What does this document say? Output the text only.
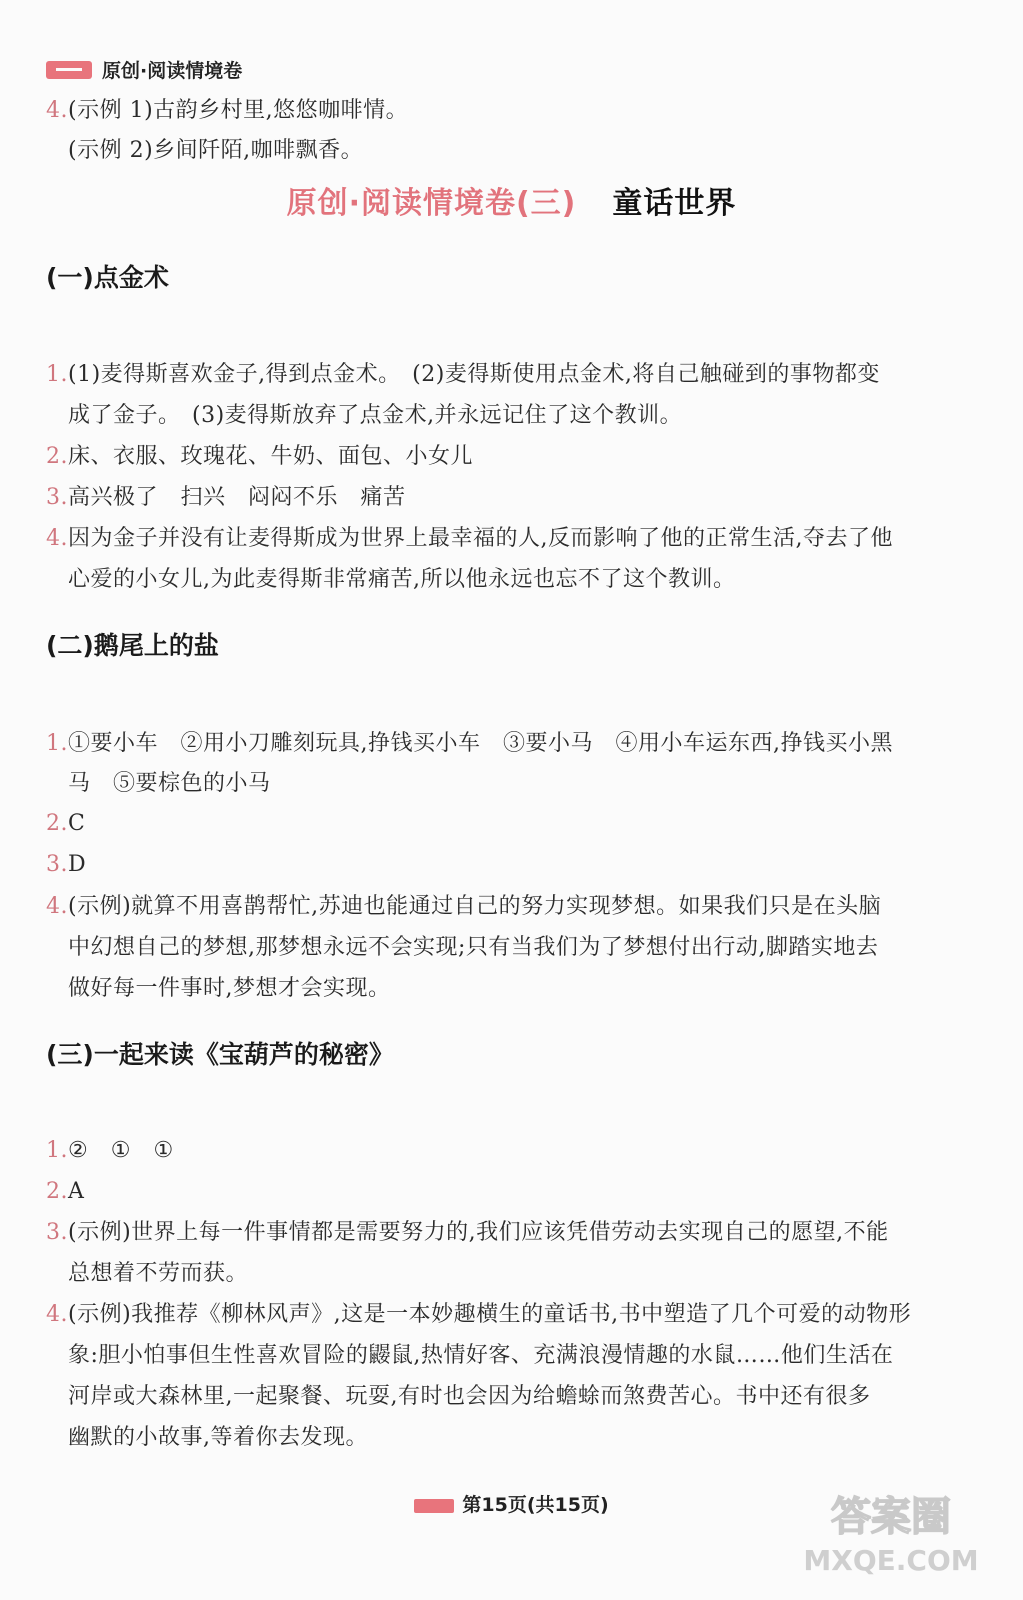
原创·阅读情境卷
4.(示例 1)古韵乡村里,悠悠咖啡情。
(示例 2)乡间阡陌,咖啡飘香。
原创·阅读情境卷(三) 童话世界
(一)点金术
1.(1)麦得斯喜欢金子,得到点金术。　(2)麦得斯使用点金术,将自己触碰到的事物都变
成了金子。　(3)麦得斯放弃了点金术,并永远记住了这个教训。
2.床、衣服、玫瑰花、牛奶、面包、小女儿
3.高兴极了　扫兴　闷闷不乐　痛苦
4.因为金子并没有让麦得斯成为世界上最幸福的人,反而影响了他的正常生活,夺去了他
心爱的小女儿,为此麦得斯非常痛苦,所以他永远也忘不了这个教训。
(二)鹅尾上的盐
1.①要小车　②用小刀雕刻玩具,挣钱买小车　③要小马　④用小车运东西,挣钱买小黑
马　⑤要棕色的小马
2.C
3.D
4.(示例)就算不用喜鹊帮忙,苏迪也能通过自己的努力实现梦想。如果我们只是在头脑
中幻想自己的梦想,那梦想永远不会实现;只有当我们为了梦想付出行动,脚踏实地去
做好每一件事时,梦想才会实现。
(三)一起来读《宝葫芦的秘密》
1.②　①　①
2.A
3.(示例)世界上每一件事情都是需要努力的,我们应该凭借劳动去实现自己的愿望,不能
总想着不劳而获。
4.(示例)我推荐《柳林风声》,这是一本妙趣横生的童话书,书中塑造了几个可爱的动物形
象:胆小怕事但生性喜欢冒险的鼹鼠,热情好客、充满浪漫情趣的水鼠……他们生活在
河岸或大森林里,一起聚餐、玩耍,有时也会因为给蟾蜍而煞费苦心。书中还有很多
幽默的小故事,等着你去发现。
第15页(共15页)	答案圈
MXQE.COM
